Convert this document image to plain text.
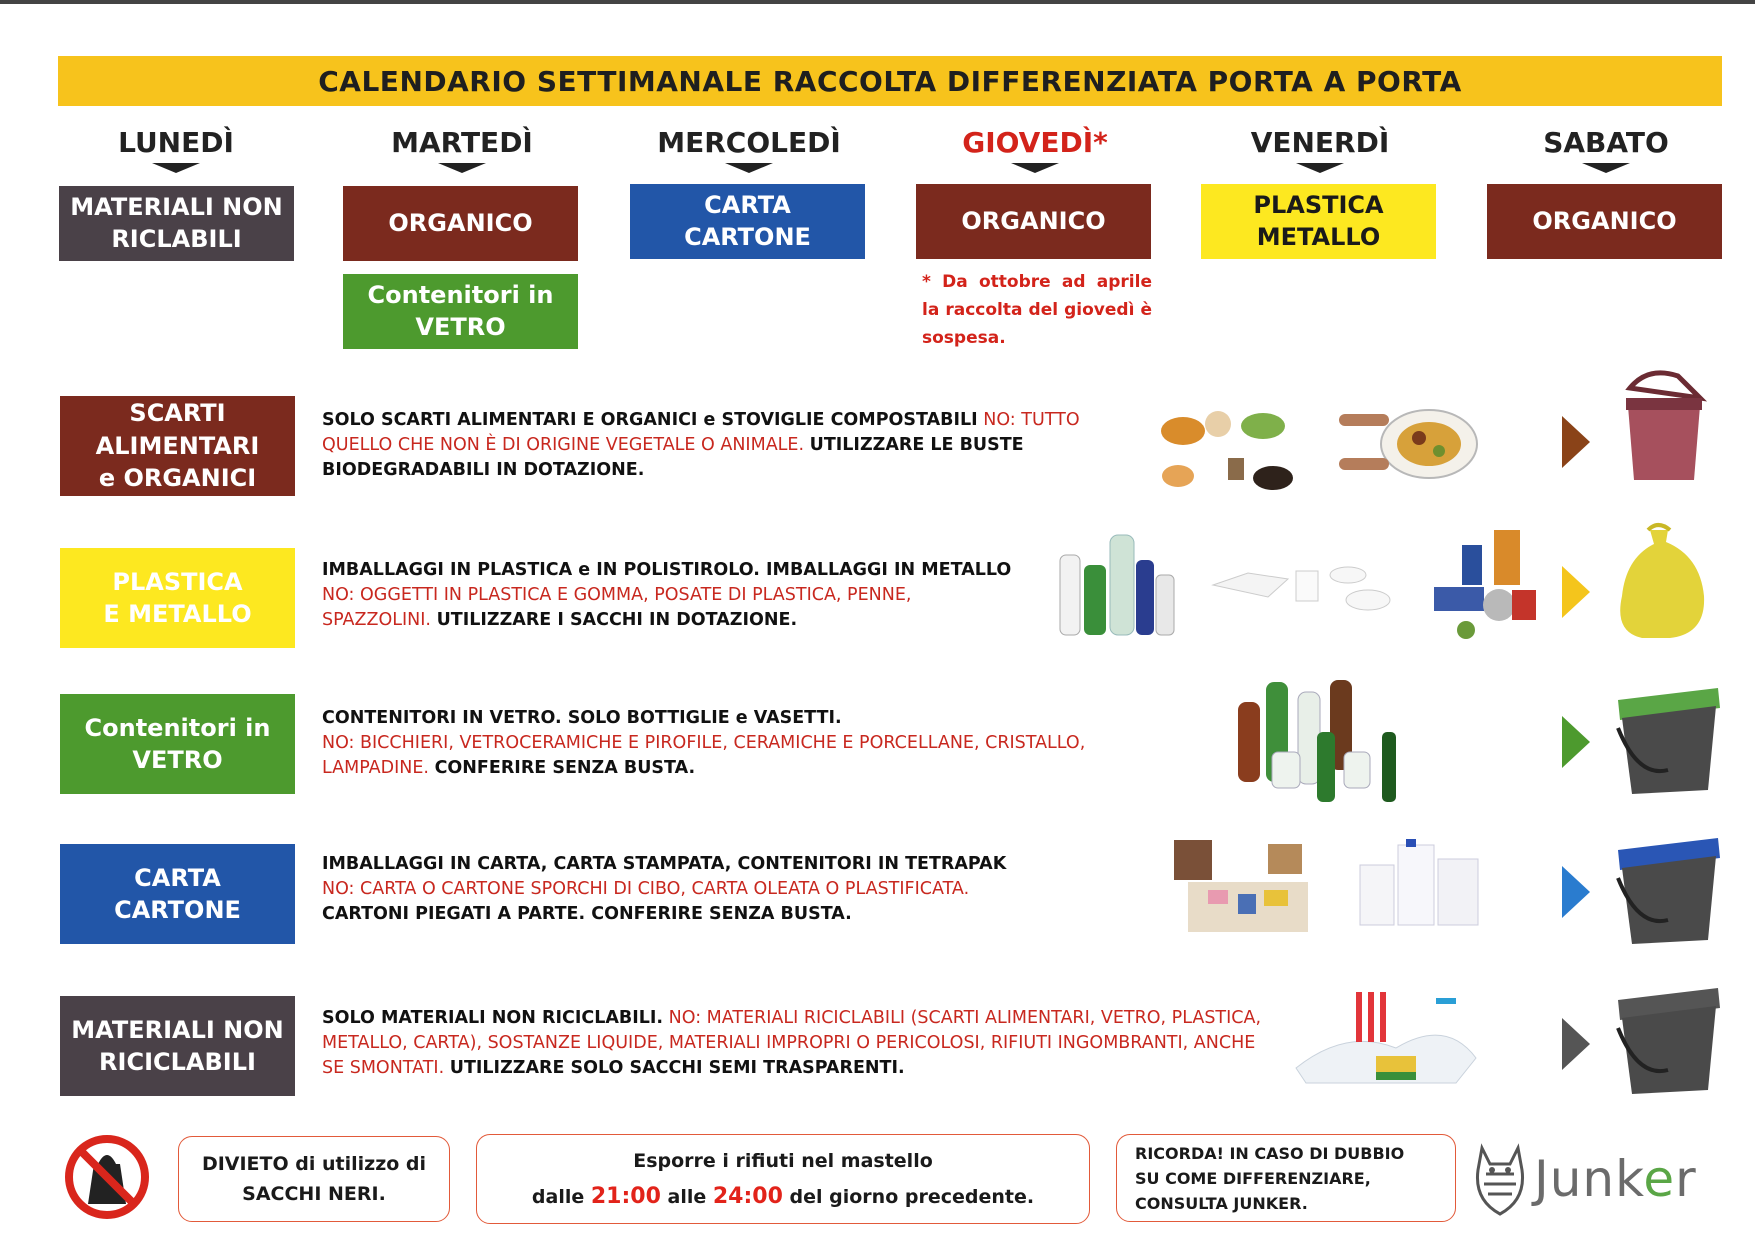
CALENDARIO SETTIMANALE RACCOLTA DIFFERENZIATA PORTA A PORTA
LUNEDÌ
MATERIALI NON
RICLABILI
MARTEDÌ
ORGANICO
Contenitori in
VETRO
MERCOLEDÌ
CARTA
CARTONE
GIOVEDÌ*
ORGANICO
* Da ottobre ad aprile la raccolta del giovedì è sospesa.
VENERDÌ
PLASTICA
METALLO
SABATO
ORGANICO
SCARTI
ALIMENTARI
e ORGANICI
SOLO SCARTI ALIMENTARI E ORGANICI e STOVIGLIE COMPOSTABILI NO: TUTTO QUELLO CHE NON È DI ORIGINE VEGETALE O ANIMALE. UTILIZZARE LE BUSTE BIODEGRADABILI IN DOTAZIONE.
PLASTICA
E METALLO
IMBALLAGGI IN PLASTICA e IN POLISTIROLO. IMBALLAGGI IN METALLO NO: OGGETTI IN PLASTICA E GOMMA, POSATE DI PLASTICA, PENNE, SPAZZOLINI. UTILIZZARE I SACCHI IN DOTAZIONE.
Contenitori in
VETRO
CONTENITORI IN VETRO. SOLO BOTTIGLIE e VASETTI.
NO: BICCHIERI, VETROCERAMICHE E PIROFILE, CERAMICHE E PORCELLANE, CRISTALLO, LAMPADINE. CONFERIRE SENZA BUSTA.
CARTA
CARTONE
IMBALLAGGI IN CARTA, CARTA STAMPATA, CONTENITORI IN TETRAPAK
NO: CARTA O CARTONE SPORCHI DI CIBO, CARTA OLEATA O PLASTIFICATA.
CARTONI PIEGATI A PARTE. CONFERIRE SENZA BUSTA.
MATERIALI NON
RICICLABILI
SOLO MATERIALI NON RICICLABILI. NO: MATERIALI RICICLABILI (SCARTI ALIMENTARI, VETRO, PLASTICA, METALLO, CARTA), SOSTANZE LIQUIDE, MATERIALI IMPROPRI O PERICOLOSI, RIFIUTI INGOMBRANTI, ANCHE SE SMONTATI. UTILIZZARE SOLO SACCHI SEMI TRASPARENTI.
DIVIETO di utilizzo di
SACCHI NERI.
Esporre i rifiuti nel mastello
dalle 21:00 alle 24:00 del giorno precedente.
RICORDA! IN CASO DI DUBBIO
SU COME DIFFERENZIARE,
CONSULTA JUNKER.	Junker
